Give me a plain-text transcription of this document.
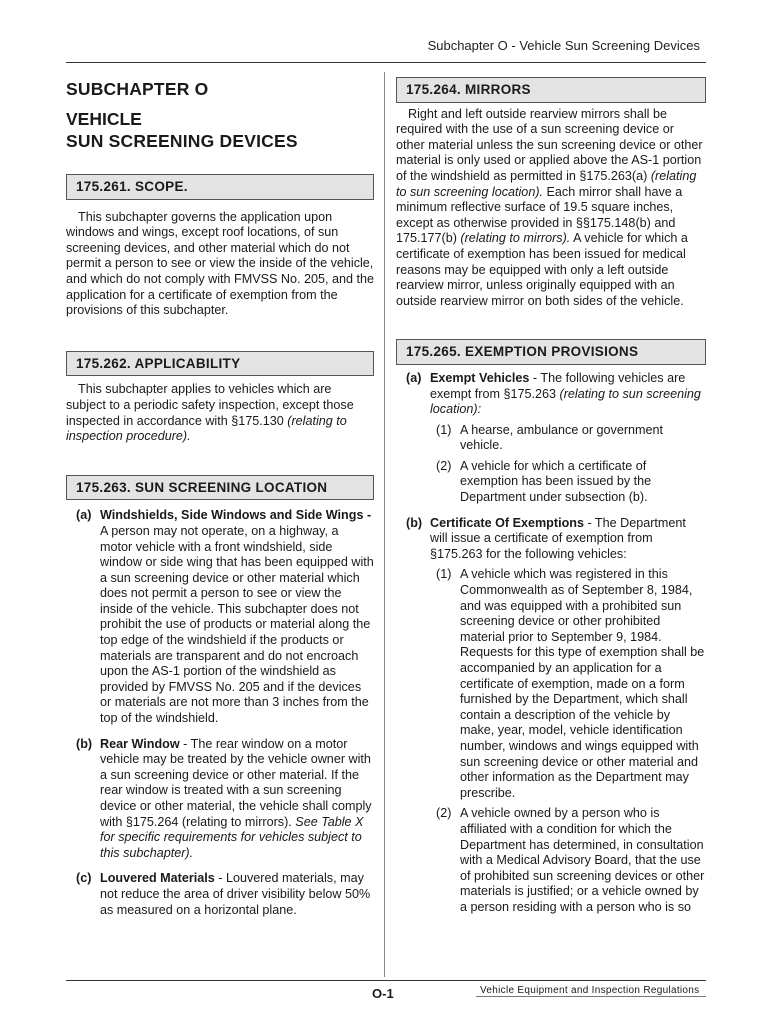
Subchapter O - Vehicle Sun Screening Devices
SUBCHAPTER O
VEHICLE
SUN SCREENING DEVICES
175.261. SCOPE.

This subchapter governs the application upon windows and wings, except roof locations, of sun screening devices, and other material which do not permit a person to see or view the inside of the vehicle, and which do not comply with FMVSS No. 205, and the application for a certificate of exemption from the provisions of this subchapter.

175.262. APPLICABILITY

This subchapter applies to vehicles which are subject to a periodic safety inspection, except those inspected in accordance with §175.130 (relating to inspection procedure).

175.263. SUN SCREENING LOCATION
(a) Windshields, Side Windows and Side Wings - A person may not operate, on a highway, a motor vehicle with a front windshield, side window or side wing that has been equipped with a sun screening device or other material which does not permit a person to see or view the inside of the vehicle. This subchapter does not prohibit the use of products or material along the top edge of the windshield if the products or materials are transparent and do not encroach upon the AS-1 portion of the windshield as provided by FMVSS No. 205 and if the devices or materials are not more than 3 inches from the top of the windshield.
(b) Rear Window - The rear window on a motor vehicle may be treated by the vehicle owner with a sun screening device or other material. If the rear window is treated with a sun screening device or other material, the vehicle shall comply with §175.264 (relating to mirrors). See Table X for specific requirements for vehicles subject to this subchapter).
(c) Louvered Materials - Louvered materials, may not reduce the area of driver visibility below 50% as measured on a horizontal plane.
175.264. MIRRORS

Right and left outside rearview mirrors shall be required with the use of a sun screening device or other material unless the sun screening device or other material is only used or applied above the AS-1 portion of the windshield as permitted in §175.263(a) (relating to sun screening location). Each mirror shall have a minimum reflective surface of 19.5 square inches, except as otherwise provided in §§175.148(b) and 175.177(b) (relating to mirrors). A vehicle for which a certificate of exemption has been issued for medical reasons may be equipped with only a left outside rearview mirror, unless originally equipped with an outside rearview mirror on both sides of the vehicle.

175.265. EXEMPTION PROVISIONS
(a) Exempt Vehicles - The following vehicles are exempt from §175.263 (relating to sun screening location):
(1) A hearse, ambulance or government vehicle.
(2) A vehicle for which a certificate of exemption has been issued by the Department under subsection (b).
(b) Certificate Of Exemptions - The Department will issue a certificate of exemption from §175.263 for the following vehicles:
(1) A vehicle which was registered in this Commonwealth as of September 8, 1984, and was equipped with a prohibited sun screening device or other prohibited material prior to September 9, 1984. Requests for this type of exemption shall be accompanied by an application for a certificate of exemption, made on a form furnished by the Department, which shall contain a description of the vehicle by make, year, model, vehicle identification number, windows and wings equipped with sun screening device or other material and other information as the Department may prescribe.
(2) A vehicle owned by a person who is affiliated with a condition for which the Department has determined, in consultation with a Medical Advisory Board, that the use of prohibited sun screening devices or other materials is justified; or a vehicle owned by a person residing with a person who is so
O-1	Vehicle Equipment and Inspection Regulations
